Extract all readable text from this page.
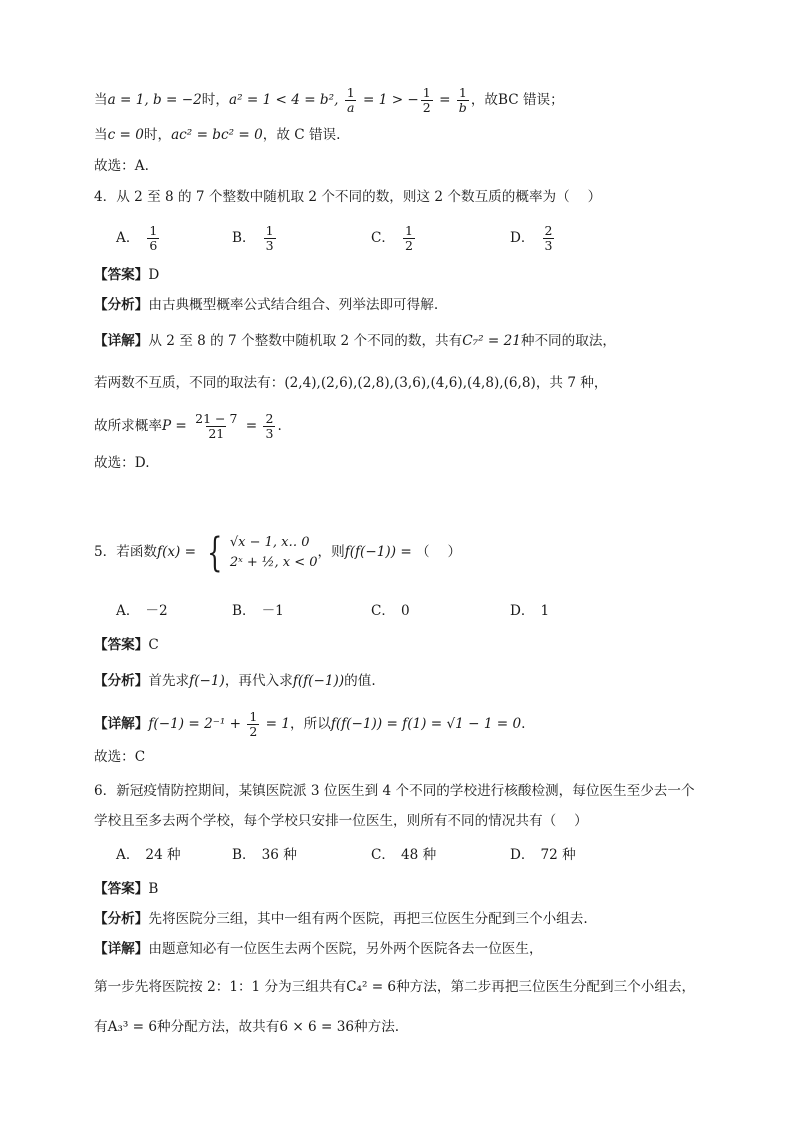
当a = 1, b = −2时，a² = 1 < 4 = b², $\frac{1}{a} = 1$ > − $\frac{1}{2} = \frac{1}{b}$ ，故BC 错误；
当c = 0时，ac² = bc² = 0，故 C 错误.
故选：A.
4．从 2 至 8 的 7 个整数中随机取 2 个不同的数，则这 2 个数互质的概率为（　 ）
A． $\frac{1}{6}$	B． $\frac{1}{3}$	C． $\frac{1}{2}$	D． $\frac{2}{3}$
【答案】D
【分析】由古典概型概率公式结合组合、列举法即可得解.
【详解】从 2 至 8 的 7 个整数中随机取 2 个不同的数，共有C₇² = 21种不同的取法，
若两数不互质，不同的取法有：(2,4),(2,6),(2,8),(3,6),(4,6),(4,8),(6,8)，共 7 种，
故所求概率$P = \frac{21 - 7}{21} = \frac{2}{3}$ .
故选：D.
5．若函数f(x) = { √x − 1, x‥ 0
2ˣ + ½, x < 0
，则f(f(−1)) = （　 ）
A． －2	B． －1	C． 0	D． 1
【答案】C
【分析】首先求f(−1)，再代入求f(f(−1))的值.
【详解】$f(-1) = 2^{-1} + \frac{1}{2} = 1$，所以f(f(−1)) = f(1) = √1 − 1 = 0.
故选：C
6．新冠疫情防控期间，某镇医院派 3 位医生到 4 个不同的学校进行核酸检测，每位医生至少去一个
学校且至多去两个学校，每个学校只安排一位医生，则所有不同的情况共有（　 ）
A． 24 种	B． 36 种	C． 48 种	D． 72 种
【答案】B
【分析】先将医院分三组，其中一组有两个医院，再把三位医生分配到三个小组去.
【详解】由题意知必有一位医生去两个医院，另外两个医院各去一位医生，
第一步先将医院按 2：1：1 分为三组共有C₄² = 6种方法，第二步再把三位医生分配到三个小组去，
有A₃³ = 6种分配方法，故共有6 × 6 = 36种方法.
